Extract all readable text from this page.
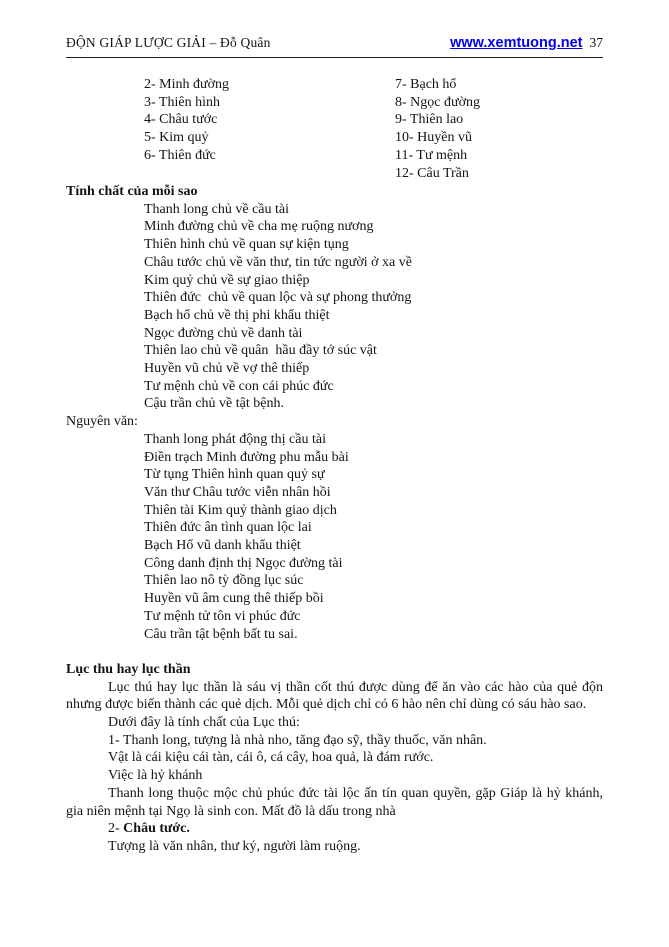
ĐỘN GIÁP LƯỢC GIẢI – Đỗ Quân	www.xemtuong.net 37
2- Minh đường
3- Thiên hình
4- Châu tước
5- Kim quỷ
6- Thiên đức
7- Bạch hổ
8- Ngọc đường
9- Thiên lao
10- Huyền vũ
11- Tư mệnh
12- Câu Trần
Tính chất của mỗi sao
Thanh long chủ về cầu tài
Minh đường chủ về cha mẹ ruộng nương
Thiên hình chủ về quan sự kiện tụng
Châu tước chủ về văn thư, tin tức người ở xa về
Kim quỷ chủ về sự giao thiệp
Thiên đức  chủ về quan lộc và sự phong thưởng
Bạch hổ chủ về thị phi khẩu thiệt
Ngọc đường chủ về danh tài
Thiên lao chủ về quân  hầu đầy tớ súc vật
Huyền vũ chủ về vợ thê thiếp
Tư mệnh chủ về con cái phúc đức
Cậu trần chủ về tật bệnh.
Nguyên văn:
Thanh long phát động thị cầu tài
Điền trạch Minh đường phu mẫu bài
Từ tụng Thiên hình quan quỷ sự
Văn thư Châu tước viễn nhân hồi
Thiên tài Kim quỷ thành giao dịch
Thiên đức ân tình quan lộc lai
Bạch Hổ vũ danh khẩu thiệt
Công danh định thị Ngọc đường tài
Thiên lao nô tỳ đồng lục súc
Huyền vũ âm cung thê thiếp bồi
Tư mệnh tử tôn vi phúc đức
Câu trần tật bệnh bất tu sai.
Lục thu hay lục thần
Lục thú hay lục thần là sáu vị thần cốt thú được dùng để ăn vào các hào của quẻ độn
nhưng được biến thành các quẻ dịch. Mỗi quẻ dịch chỉ có 6 hào nên chỉ dùng có sáu hào sao.
Dưới đây là tính chất của Lục thú:
1- Thanh long, tượng là nhà nho, tăng đạo sỹ, thầy thuốc, văn nhân.
Vật là cái kiệu cái tàn, cái ô, cá cây, hoa quả, là đám rước.
Việc là hỷ khánh
Thanh long thuộc mộc chủ phúc đức tài lộc ấn tín quan quyền, gặp Giáp là hỷ khánh,
gia niên mệnh tại Ngọ là sinh con. Mất đồ là dấu trong nhà
2- Châu tước.
Tượng là văn nhân, thư ký, người làm ruộng.
